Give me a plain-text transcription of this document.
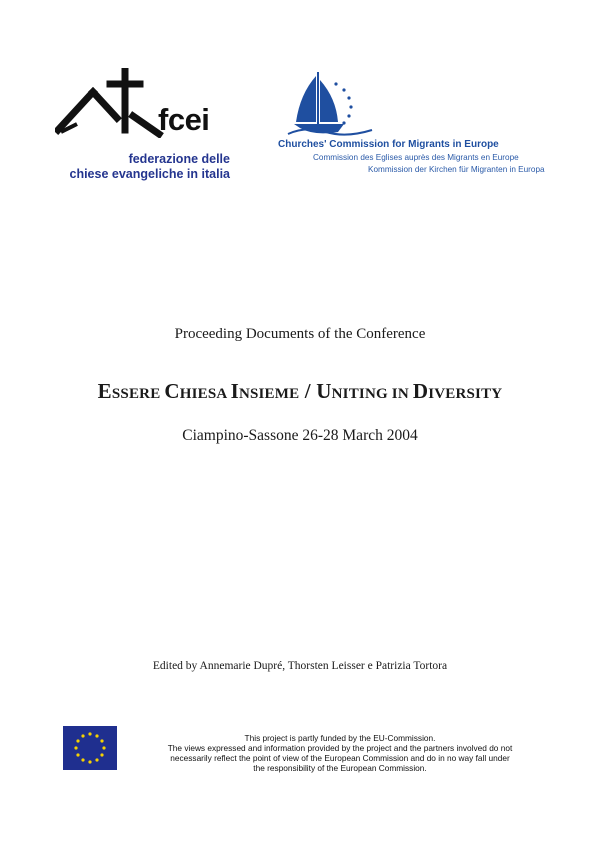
fcei
federazione delle
chiese evangeliche in italia
Churches' Commission for Migrants in Europe
Commission des Eglises auprès des Migrants en Europe
Kommission der Kirchen für Migranten in Europa
Proceeding Documents of the Conference
ESSERE CHIESA INSIEME / UNITING IN DIVERSITY
Ciampino-Sassone 26-28 March 2004
Edited by Annemarie Dupré, Thorsten Leisser e Patrizia Tortora
This project is partly funded by the EU-Commission.
The views expressed and information provided by the project and the partners involved do not
necessarily reflect the point of view of the European Commission and do in no way fall under
the responsibility of the European Commission.
